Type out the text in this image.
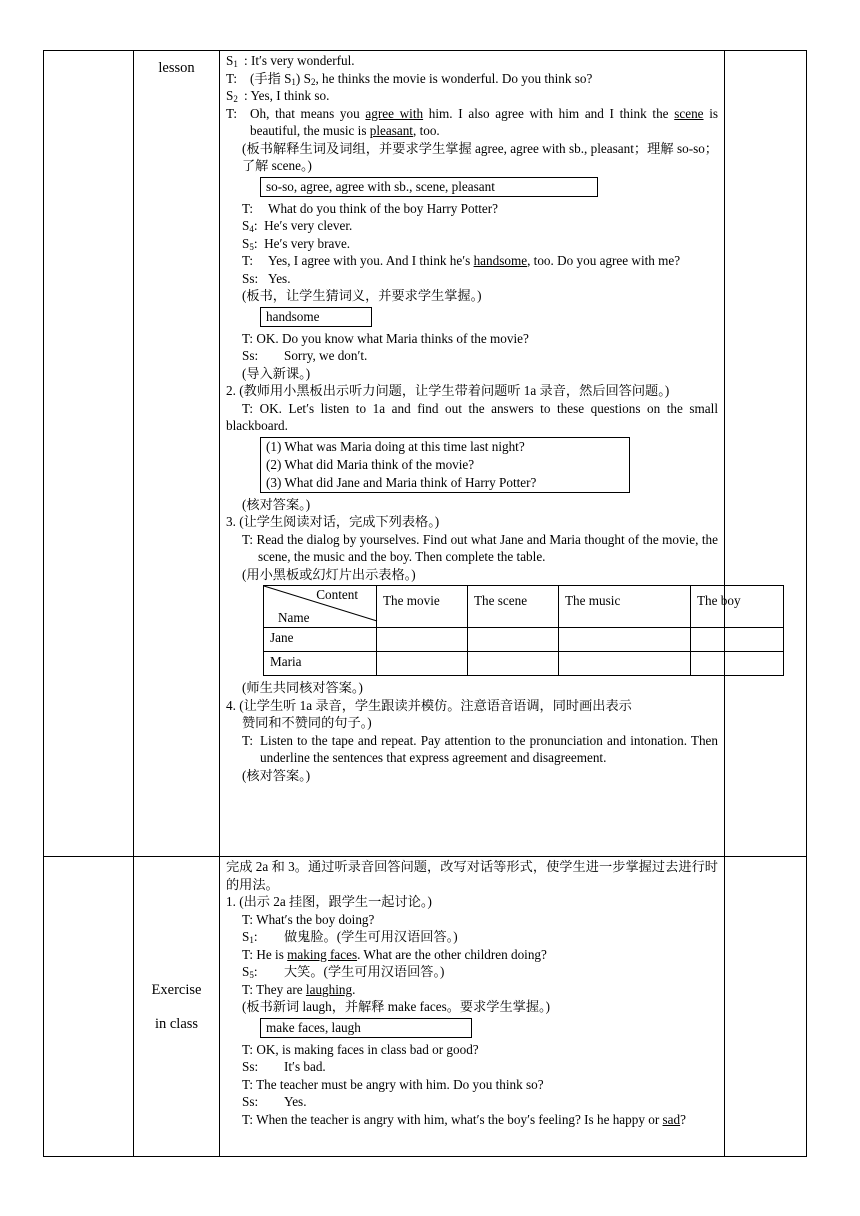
lesson	$S_1$ : It′s very wonderful.
T: (手指 $S_1$) $S_2$, he thinks the movie is wonderful. Do you think so?
$S_2$ : Yes, I think so.
T: Oh, that means you agree with him. I also agree with him and I think the scene is beautiful, the music is pleasant, too.
(板书解释生词及词组，并要求学生掌握 agree, agree with sb., pleasant；理解 so-so；了解 scene。)
so-so, agree, agree with sb., scene, pleasant
T:	What do you think of the boy Harry Potter?
$S_4$ :  He′s very clever.
$S_5$ :  He′s very brave.
T: Yes, I agree with you. And I think he′s handsome, too. Do you agree with me?
Ss: Yes.
(板书，让学生猜词义，并要求学生掌握。)
handsome
T: OK. Do you know what Maria thinks of the movie?
Ss:	Sorry, we don′t.
(导入新课。)
2. (教师用小黑板出示听力问题，让学生带着问题听 1a 录音，然后回答问题。)
T: OK. Let′s listen to 1a and find out the answers to these questions on the small blackboard.
(1) What was Maria doing at this time last night?
(2) What did Maria think of the movie?
(3) What did Jane and Maria think of Harry Potter?
(核对答案。)
3. (让学生阅读对话，完成下列表格。)
T: Read the dialog by yourselves. Find out what Jane and Maria thought of the movie, the scene, the music and the boy. Then complete the table.
(用小黑板或幻灯片出示表格。)
Content
Name
	The movie	The scene	The music	The boy
Jane				
Maria				
(师生共同核对答案。)
4. (让学生听 1a 录音，学生跟读并模仿。注意语音语调，同时画出表示
赞同和不赞同的句子。)
T: Listen to the tape and repeat. Pay attention to the pronunciation and intonation. Then underline the sentences that express agreement and disagreement.
(核对答案。)

Exercise
in class

完成 2a 和 3。通过听录音回答问题，改写对话等形式，使学生进一步掌握过去进行时的用法。
1. (出示 2a 挂图，跟学生一起讨论。)
T: What′s the boy doing?
$S_1$:	做鬼脸。(学生可用汉语回答。)
T: He is making faces. What are the other children doing?
$S_5$:	大笑。(学生可用汉语回答。)
T: They are laughing.
(板书新词 laugh，并解释 make faces。要求学生掌握。)
make faces, laugh
T: OK, is making faces in class bad or good?
Ss:	It′s bad.
T: The teacher must be angry with him. Do you think so?
Ss:	Yes.
T: When the teacher is angry with him, what′s the boy′s feeling? Is he happy or sad?
